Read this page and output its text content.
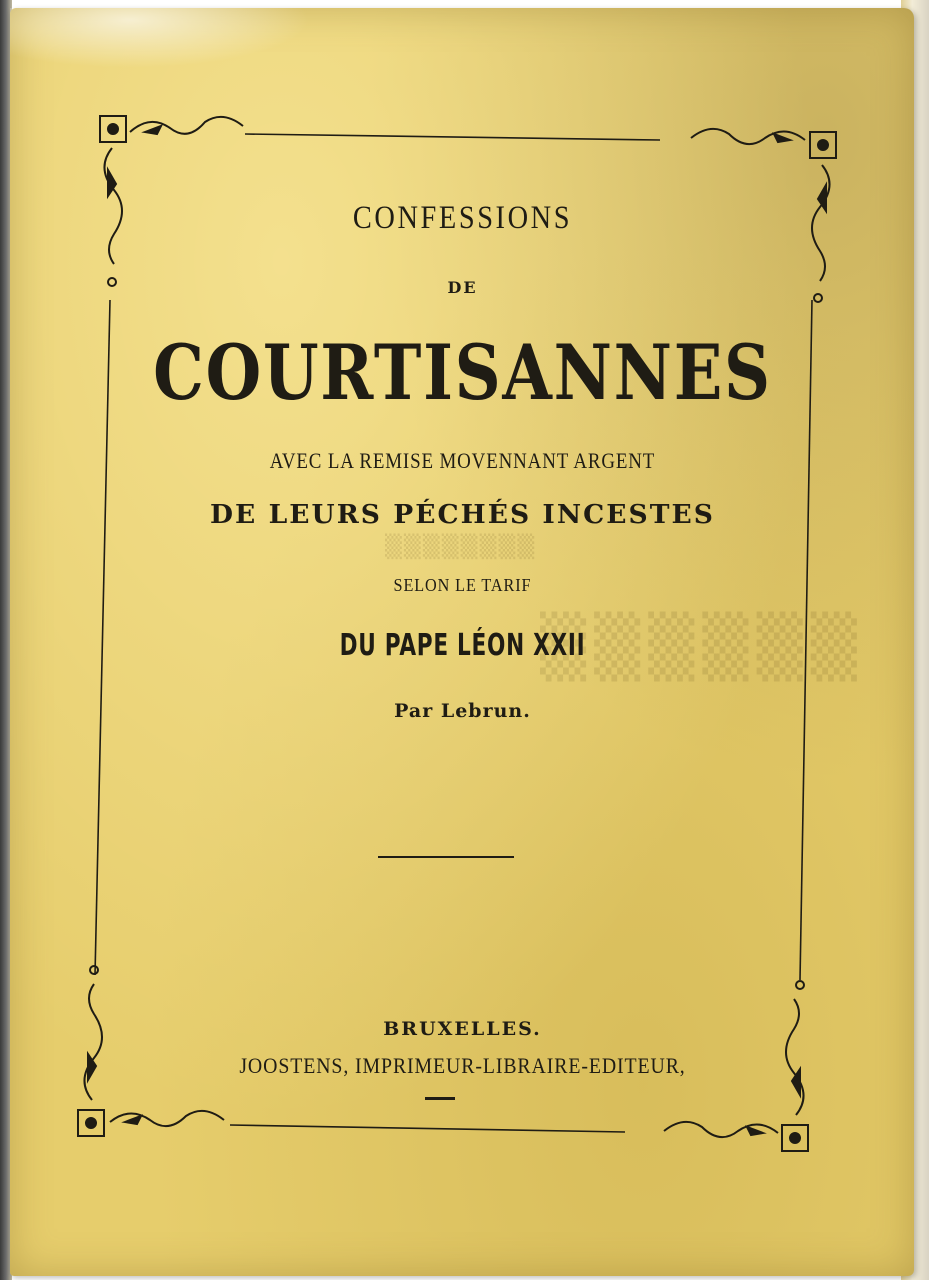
▒▒▒▒▒▒▒▒
▒▒▒▒▒▒
CONFESSIONS
DE
COURTISANNES
AVEC LA REMISE MOVENNANT ARGENT
DE LEURS PÉCHÉS INCESTES
SELON LE TARIF
DU PAPE LÉON XXII
Par Lebrun.
BRUXELLES.
JOOSTENS, IMPRIMEUR-LIBRAIRE-EDITEUR,
